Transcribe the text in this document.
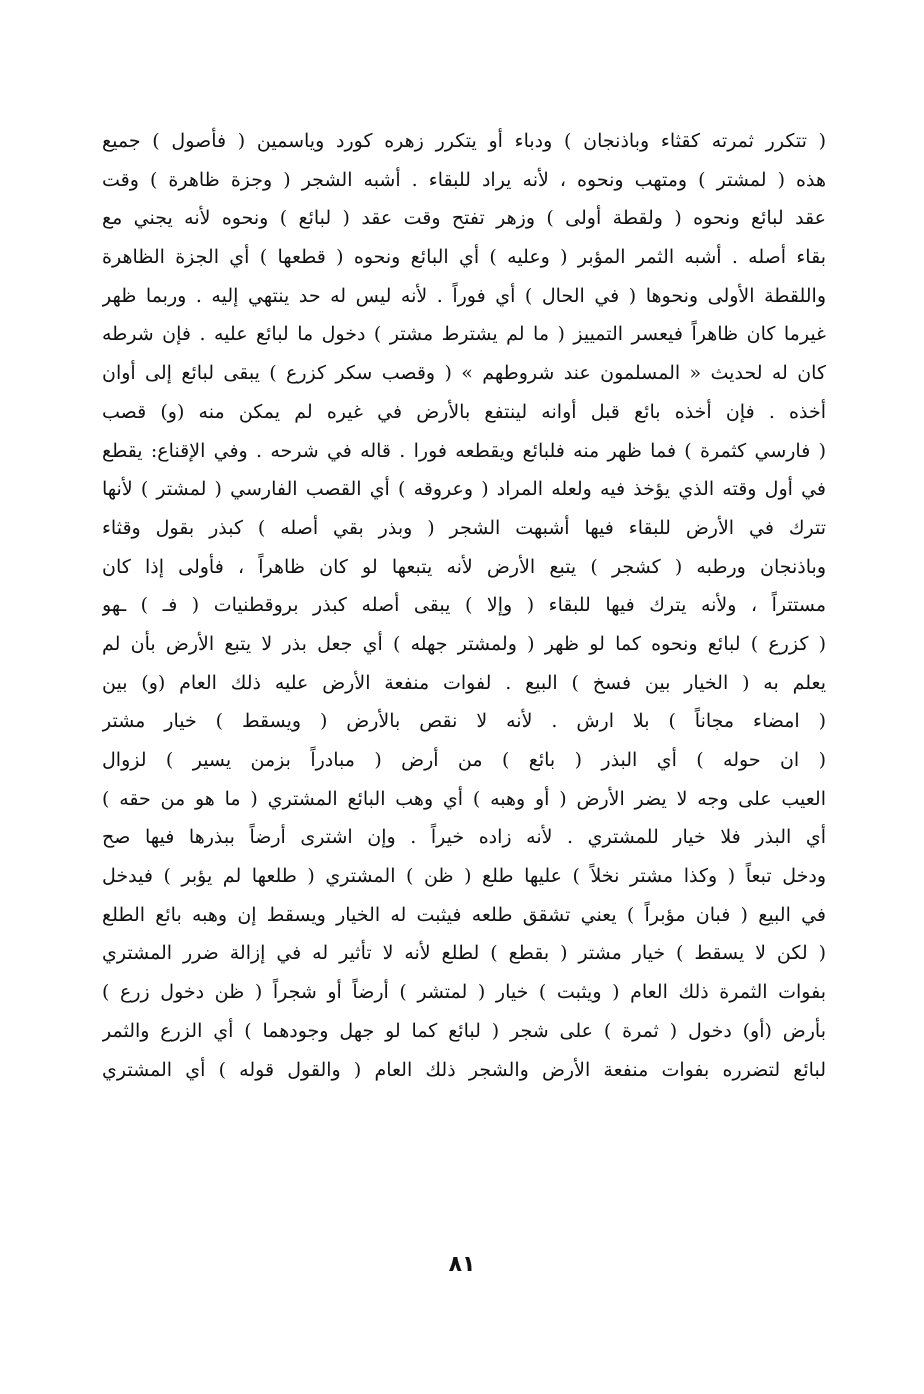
( تتكرر ثمرته كقثاء وباذنجان ) ودباء أو يتكرر زهره كورد وياسمين ( فأصول ) جميع
هذه ( لمشتر ) ومتهب ونحوه ، لأنه يراد للبقاء . أشبه الشجر ( وجزة ظاهرة ) وقت
عقد لبائع ونحوه ( ولقطة أولى ) وزهر تفتح وقت عقد ( لبائع ) ونحوه لأنه يجني مع
بقاء أصله . أشبه الثمر المؤبر ( وعليه ) أي البائع ونحوه ( قطعها ) أي الجزة الظاهرة
واللقطة الأولى ونحوها ( في الحال ) أي فوراً . لأنه ليس له حد ينتهي إليه . وربما ظهر
غيرما كان ظاهراً فيعسر التمييز ( ما لم يشترط مشتر ) دخول ما لبائع عليه . فإن شرطه
كان له لحديث « المسلمون عند شروطهم » ( وقصب سكر كزرع ) يبقى لبائع إلى أوان
أخذه . فإن أخذه بائع قبل أوانه لينتفع بالأرض في غيره لم يمكن منه (و) قصب
( فارسي كثمرة ) فما ظهر منه فلبائع ويقطعه فورا . قاله في شرحه . وفي الإقناع: يقطع
في أول وقته الذي يؤخذ فيه ولعله المراد ( وعروقه ) أي القصب الفارسي ( لمشتر ) لأنها
تترك في الأرض للبقاء فيها أشبهت الشجر ( وبذر بقي أصله ) كبذر بقول وقثاء
وباذنجان ورطبه ( كشجر ) يتبع الأرض لأنه يتبعها لو كان ظاهراً ، فأولى إذا كان
مستتراً ، ولأنه يترك فيها للبقاء ( وإلا ) يبقى أصله كبذر بروقطنيات ( فـ ) ـهو
( كزرع ) لبائع ونحوه كما لو ظهر ( ولمشتر جهله ) أي جعل بذر لا يتبع الأرض بأن لم
يعلم به ( الخيار بين فسخ ) البيع . لفوات منفعة الأرض عليه ذلك العام (و) بين
( امضاء مجاناً ) بلا ارش . لأنه لا نقص بالأرض ( ويسقط ) خيار مشتر
( ان حوله ) أي البذر ( بائع ) من أرض ( مبادراً بزمن يسير ) لزوال
العيب على وجه لا يضر الأرض ( أو وهبه ) أي وهب البائع المشتري ( ما هو من حقه )
أي البذر فلا خيار للمشتري . لأنه زاده خيراً . وإن اشترى أرضاً ببذرها فيها صح
ودخل تبعاً ( وكذا مشتر نخلاً ) عليها طلع ( ظن ) المشتري ( طلعها لم يؤبر ) فيدخل
في البيع ( فبان مؤبراً ) يعني تشقق طلعه فيثبت له الخيار ويسقط إن وهبه بائع الطلع
( لكن لا يسقط ) خيار مشتر ( بقطع ) لطلع لأنه لا تأثير له في إزالة ضرر المشتري
بفوات الثمرة ذلك العام ( ويثبت ) خيار ( لمتشر ) أرضاً أو شجراً ( ظن دخول زرع )
بأرض (أو) دخول ( ثمرة ) على شجر ( لبائع كما لو جهل وجودهما ) أي الزرع والثمر
لبائع لتضرره بفوات منفعة الأرض والشجر ذلك العام ( والقول قوله ) أي المشتري
٨١
